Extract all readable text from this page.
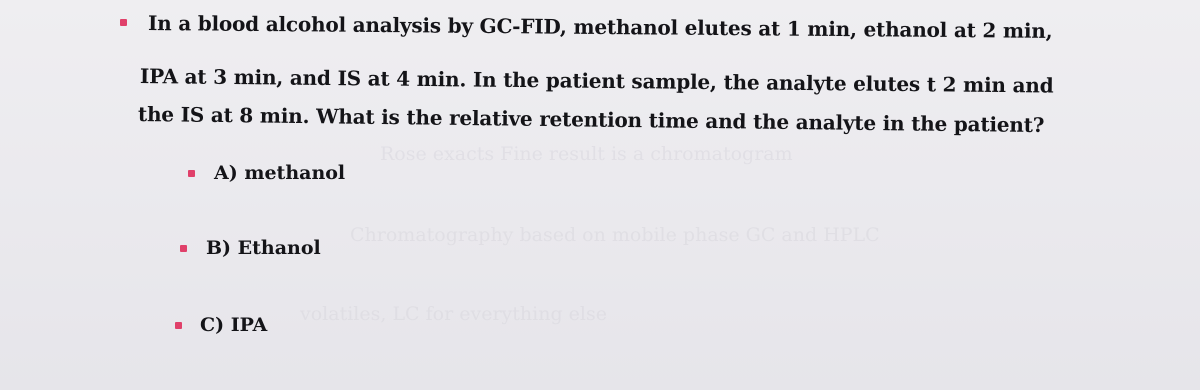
Rose exacts Fine result is a chromatogram
Chromatography based on mobile phase GC and HPLC
volatiles, LC for everything else
In a blood alcohol analysis by GC-FID, methanol elutes at 1 min, ethanol at 2 min,
IPA at 3 min, and IS at 4 min. In the patient sample, the analyte elutes t 2 min and
the IS at 8 min. What is the relative retention time and the analyte in the patient?
A) methanol
B) Ethanol
C) IPA
